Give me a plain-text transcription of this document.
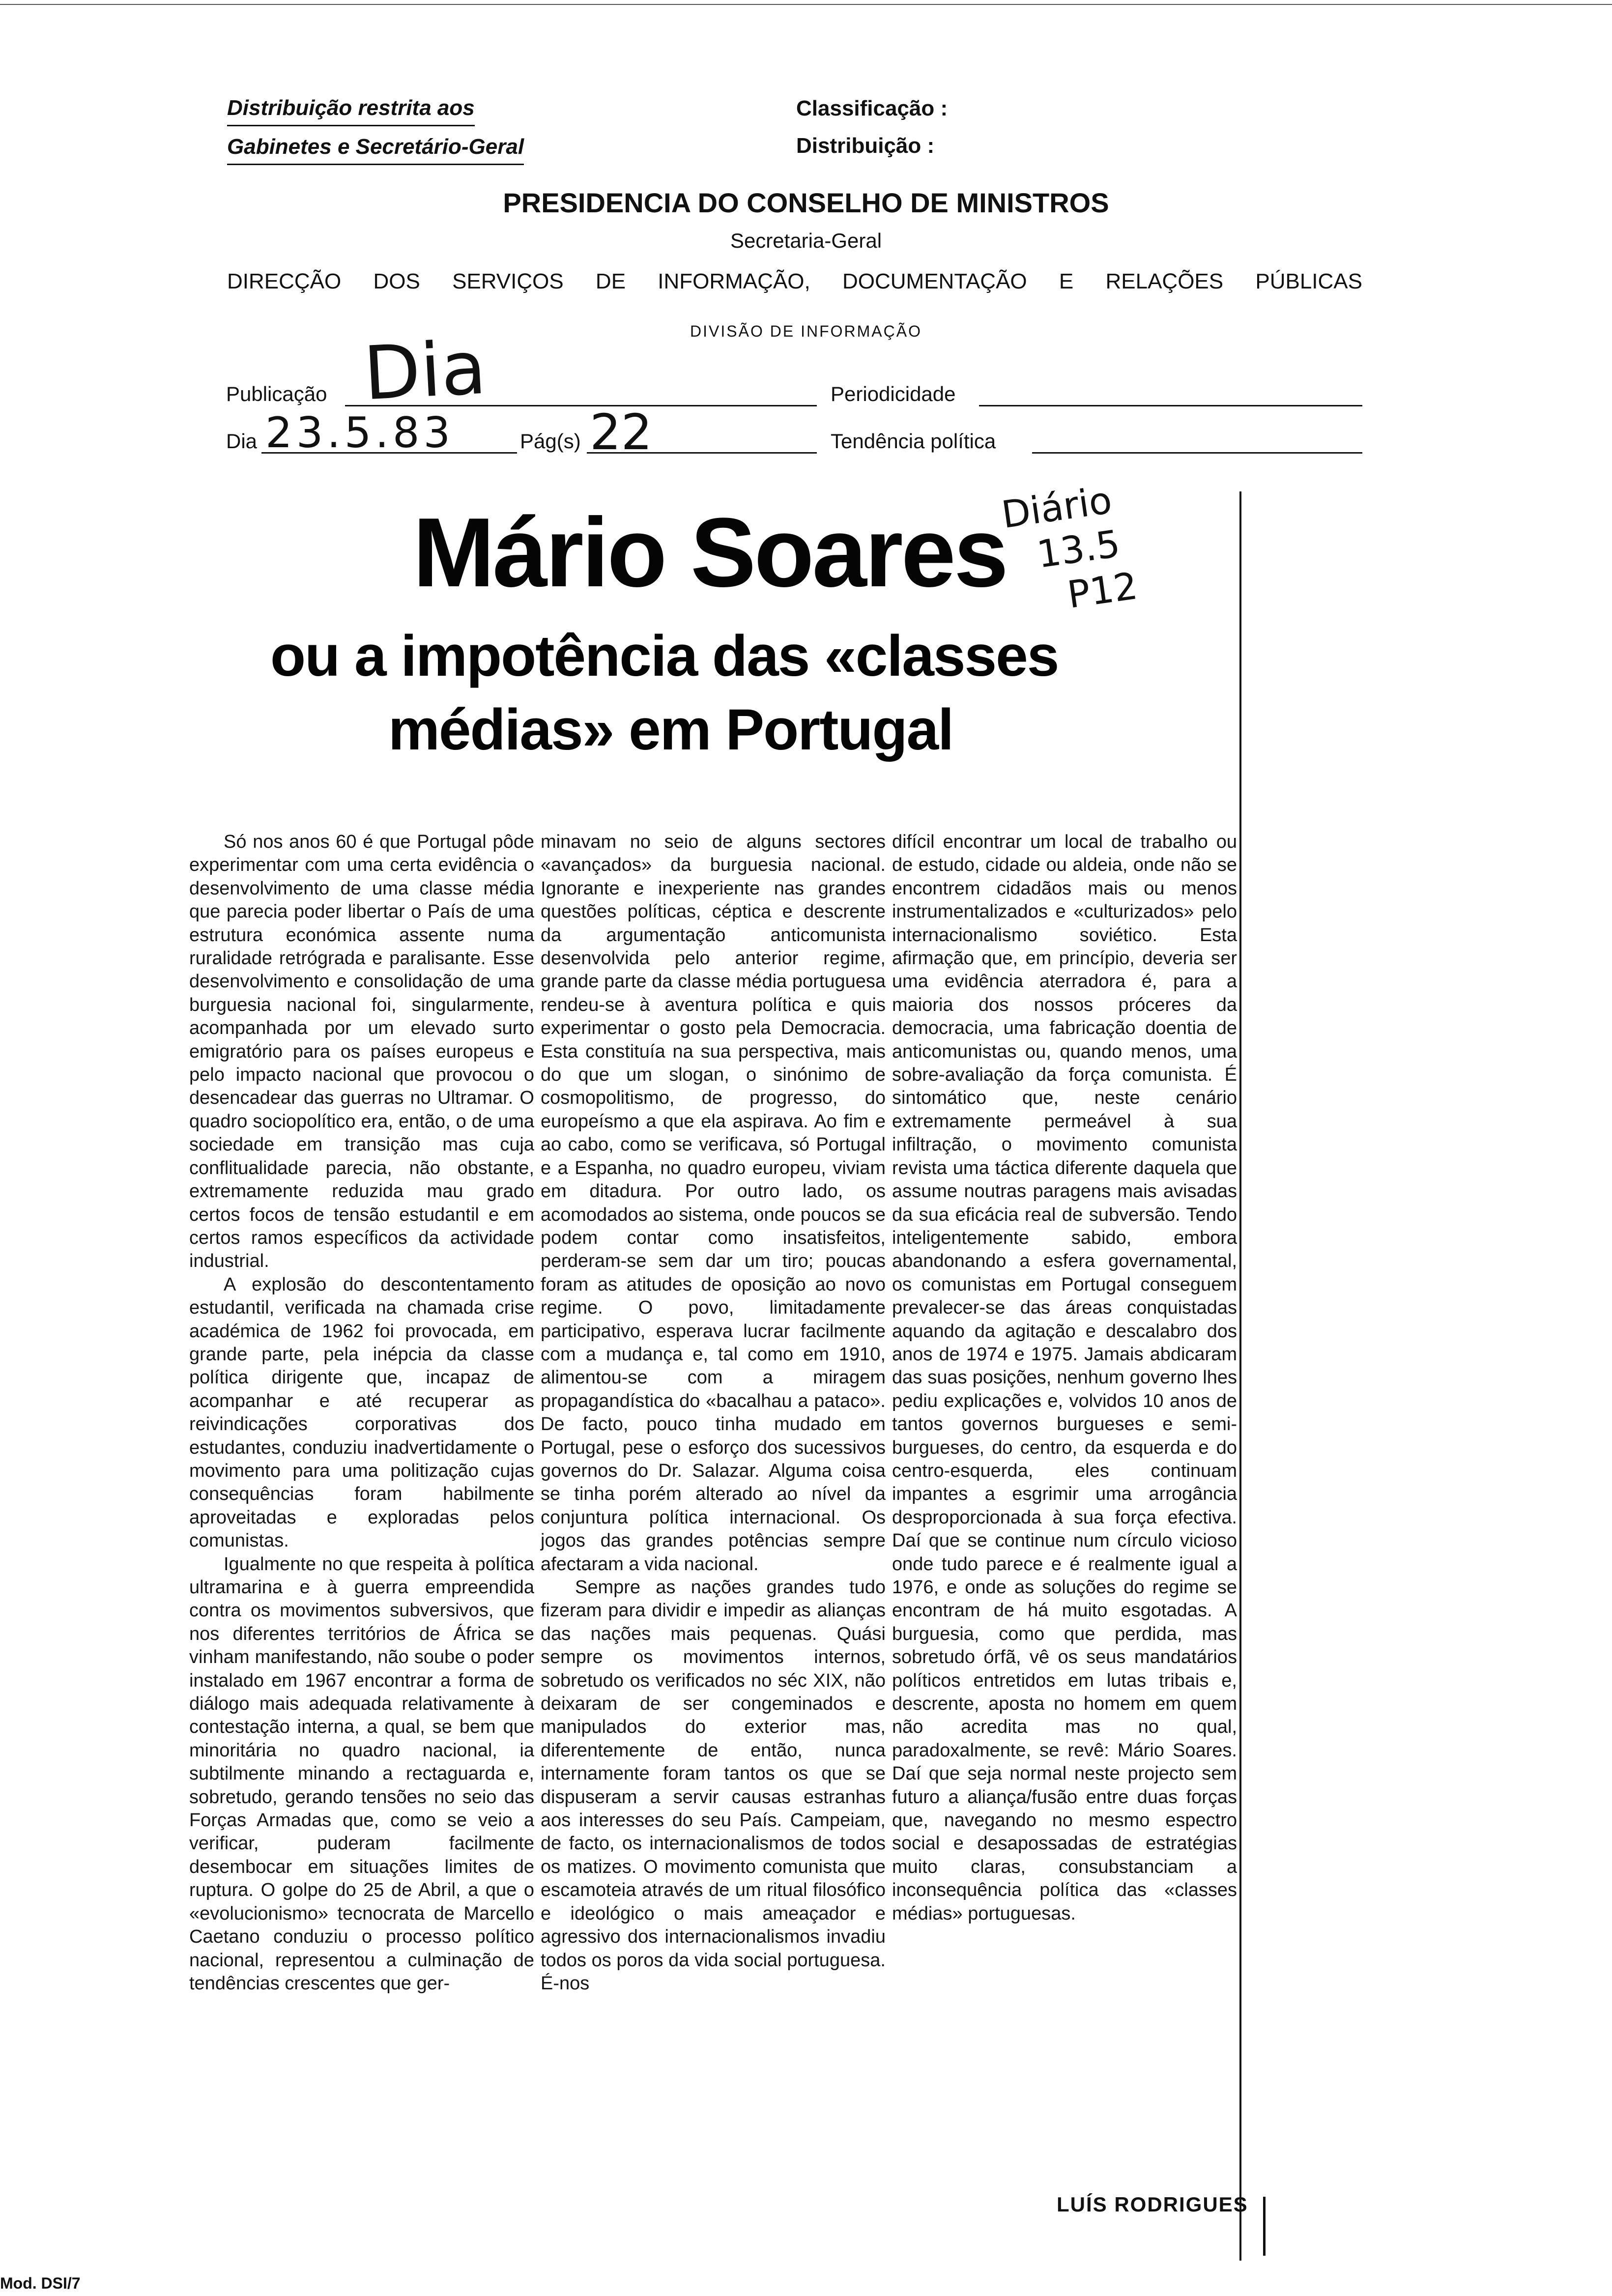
Distribuição restrita aos
Gabinetes e Secretário-Geral
Classificação :
Distribuição :
PRESIDENCIA DO CONSELHO DE MINISTROS
Secretaria-Geral
DIRECÇÃO DOS SERVIÇOS DE INFORMAÇÃO, DOCUMENTAÇÃO E RELAÇÕES PÚBLICAS
DIVISÃO DE INFORMAÇÃO
Publicação Dia	Periodicidade
Dia 23.5.83	Pág(s) 22	Tendência política
Mário Soares
ou a impotência das «classes
médias» em Portugal
Diário
13.5
P12

Só nos anos 60 é que Portugal pôde experimentar com uma certa evidência o desenvolvimento de uma classe média que parecia poder libertar o País de uma estrutura económica assente numa ruralidade retrógrada e paralisante. Esse desenvolvimento e consolidação de uma burguesia nacional foi, singularmente, acompanhada por um elevado surto emigratório para os países europeus e pelo impacto nacional que provocou o desencadear das guerras no Ultramar. O quadro sociopolítico era, então, o de uma sociedade em transição mas cuja conflitualidade parecia, não obstante, extremamente reduzida mau grado certos focos de tensão estudantil e em certos ramos específicos da actividade industrial.

A explosão do descontentamento estudantil, verificada na chamada crise académica de 1962 foi provocada, em grande parte, pela inépcia da classe política dirigente que, incapaz de acompanhar e até recuperar as reivindicações corporativas dos estudantes, conduziu inadvertidamente o movimento para uma politização cujas consequências foram habilmente aproveitadas e exploradas pelos comunistas.

Igualmente no que respeita à política ultramarina e à guerra empreendida contra os movimentos subversivos, que nos diferentes territórios de África se vinham manifestando, não soube o poder instalado em 1967 encontrar a forma de diálogo mais adequada relativamente à contestação interna, a qual, se bem que minoritária no quadro nacional, ia subtilmente minando a rectaguarda e, sobretudo, gerando tensões no seio das Forças Armadas que, como se veio a verificar, puderam facilmente desembocar em situações limites de ruptura. O golpe do 25 de Abril, a que o «evolucionismo» tecnocrata de Marcello Caetano conduziu o processo político nacional, representou a culminação de tendências crescentes que ger-

minavam no seio de alguns sectores «avançados» da burguesia nacional. Ignorante e inexperiente nas grandes questões políticas, céptica e descrente da argumentação anticomunista desenvolvida pelo anterior regime, grande parte da classe média portuguesa rendeu-se à aventura política e quis experimentar o gosto pela Democracia. Esta constituía na sua perspectiva, mais do que um slogan, o sinónimo de cosmopolitismo, de progresso, do europeísmo a que ela aspirava. Ao fim e ao cabo, como se verificava, só Portugal e a Espanha, no quadro europeu, viviam em ditadura. Por outro lado, os acomodados ao sistema, onde poucos se podem contar como insatisfeitos, perderam-se sem dar um tiro; poucas foram as atitudes de oposição ao novo regime. O povo, limitadamente participativo, esperava lucrar facilmente com a mudança e, tal como em 1910, alimentou-se com a miragem propagandística do «bacalhau a pataco». De facto, pouco tinha mudado em Portugal, pese o esforço dos sucessivos governos do Dr. Salazar. Alguma coisa se tinha porém alterado ao nível da conjuntura política internacional. Os jogos das grandes potências sempre afectaram a vida nacional.

Sempre as nações grandes tudo fizeram para dividir e impedir as alianças das nações mais pequenas. Quási sempre os movimentos internos, sobretudo os verificados no séc XIX, não deixaram de ser congeminados e manipulados do exterior mas, diferentemente de então, nunca internamente foram tantos os que se dispuseram a servir causas estranhas aos interesses do seu País. Campeiam, de facto, os internacionalismos de todos os matizes. O movimento comunista que escamoteia através de um ritual filosófico e ideológico o mais ameaçador e agressivo dos internacionalismos invadiu todos os poros da vida social portuguesa. É-nos

difícil encontrar um local de trabalho ou de estudo, cidade ou aldeia, onde não se encontrem cidadãos mais ou menos instrumentalizados e «culturizados» pelo internacionalismo soviético. Esta afirmação que, em princípio, deveria ser uma evidência aterradora é, para a maioria dos nossos próceres da democracia, uma fabricação doentia de anticomunistas ou, quando menos, uma sobre-avaliação da força comunista. É sintomático que, neste cenário extremamente permeável à sua infiltração, o movimento comunista revista uma táctica diferente daquela que assume noutras paragens mais avisadas da sua eficácia real de subversão. Tendo inteligentemente sabido, embora abandonando a esfera governamental, os comunistas em Portugal conseguem prevalecer-se das áreas conquistadas aquando da agitação e descalabro dos anos de 1974 e 1975. Jamais abdicaram das suas posições, nenhum governo lhes pediu explicações e, volvidos 10 anos de tantos governos burgueses e semi-burgueses, do centro, da esquerda e do centro-esquerda, eles continuam impantes a esgrimir uma arrogância desproporcionada à sua força efectiva. Daí que se continue num círculo vicioso onde tudo parece e é realmente igual a 1976, e onde as soluções do regime se encontram de há muito esgotadas. A burguesia, como que perdida, mas sobretudo órfã, vê os seus mandatários políticos entretidos em lutas tribais e, descrente, aposta no homem em quem não acredita mas no qual, paradoxalmente, se revê: Mário Soares. Daí que seja normal neste projecto sem futuro a aliança/fusão entre duas forças que, navegando no mesmo espectro social e desapossadas de estratégias muito claras, consubstanciam a inconsequência política das «classes médias» portuguesas.

LUÍS RODRIGUES
Mod. DSI/7
